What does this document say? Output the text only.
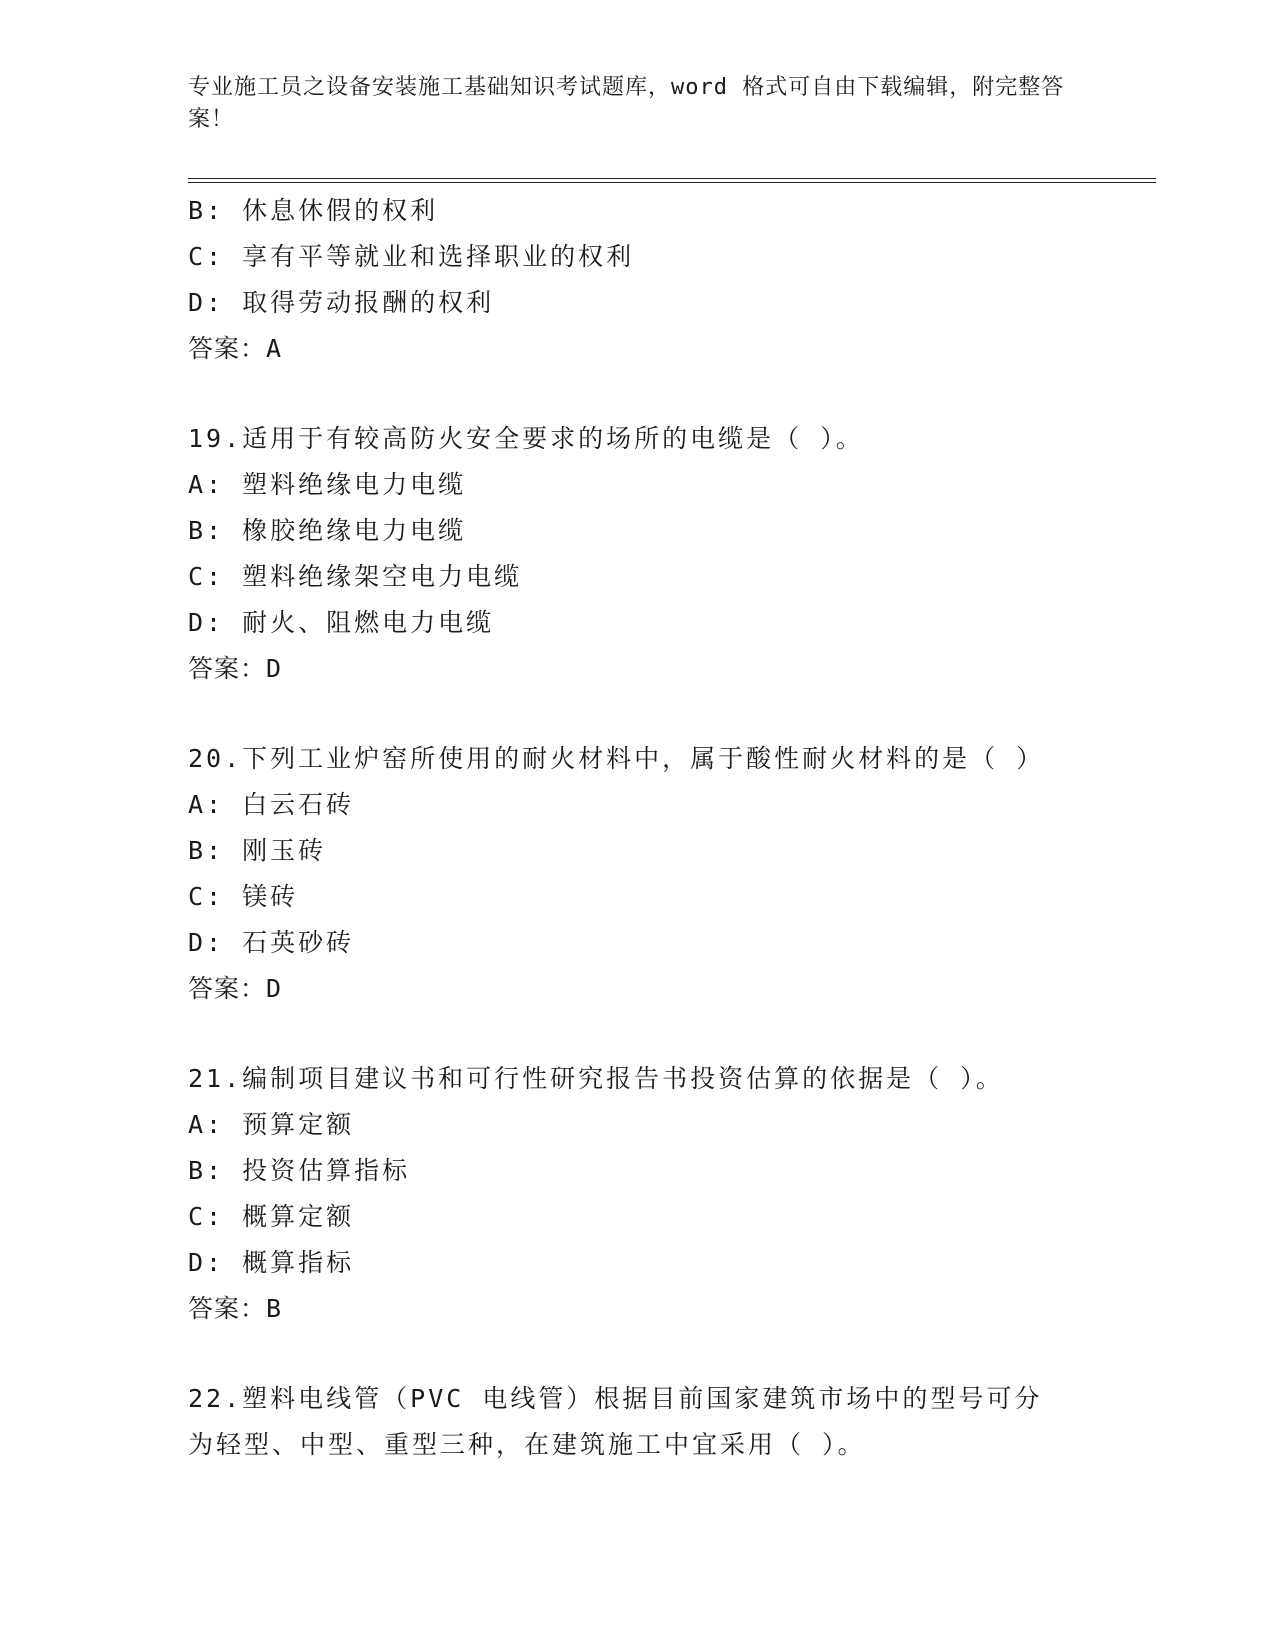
专业施工员之设备安装施工基础知识考试题库，word 格式可自由下载编辑，附完整答案！
B: 休息休假的权利
C: 享有平等就业和选择职业的权利
D: 取得劳动报酬的权利
答案：A
19.适用于有较高防火安全要求的场所的电缆是（ ）。
A: 塑料绝缘电力电缆
B: 橡胶绝缘电力电缆
C: 塑料绝缘架空电力电缆
D: 耐火、阻燃电力电缆
答案：D
20.下列工业炉窑所使用的耐火材料中，属于酸性耐火材料的是（ ）
A: 白云石砖
B: 刚玉砖
C: 镁砖
D: 石英砂砖
答案：D
21.编制项目建议书和可行性研究报告书投资估算的依据是（ ）。
A: 预算定额
B: 投资估算指标
C: 概算定额
D: 概算指标
答案：B
22.塑料电线管（PVC 电线管）根据目前国家建筑市场中的型号可分为轻型、中型、重型三种，在建筑施工中宜采用（ ）。
